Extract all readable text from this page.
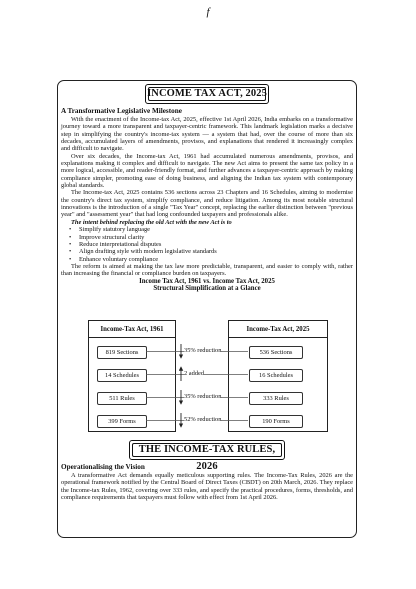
f
INCOME TAX ACT, 2025
A Transformative Legislative Milestone

With the enactment of the Income-tax Act, 2025, effective 1st April 2026, India embarks on a transformative journey toward a more transparent and taxpayer-centric framework. This landmark legislation marks a decisive step in simplifying the country's income-tax system — a system that had, over the course of more than six decades, accumulated layers of amendments, provisos, and explanations that rendered it increasingly complex and difficult to navigate.

Over six decades, the Income-tax Act, 1961 had accumulated numerous amendments, provisos, and explanations making it complex and difficult to navigate. The new Act aims to present the same tax policy in a more logical, accessible, and reader-friendly format, and further advances a taxpayer-centric approach by making compliance simpler, promoting ease of doing business, and aligning the Indian tax system with contemporary global standards.

The Income-tax Act, 2025 contains 536 sections across 23 Chapters and 16 Schedules, aiming to modernise the country's direct tax system, simplify compliance, and reduce litigation. Among its most notable structural innovations is the introduction of a single "Tax Year" concept, replacing the earlier distinction between "previous year" and "assessment year" that had long confounded taxpayers and professionals alike.

The intent behind replacing the old Act with the new Act is to

• Simplify statutory language
• Improve structural clarity
• Reduce interpretational disputes
• Align drafting style with modern legislative standards
• Enhance voluntary compliance

The reform is aimed at making the tax law more predictable, transparent, and easier to comply with, rather than increasing the financial or compliance burden on taxpayers.

Income Tax Act, 1961 vs. Income Tax Act, 2025
Structural Simplification at a Glance
Income-Tax Act, 1961
819 Sections
14 Schedules
511 Rules
399 Forms
Income-Tax Act, 2025
536 Sections
16 Schedules
333 Rules
190 Forms
35% reduction
2 added
35% reduction
52% reduction
THE INCOME-TAX RULES, 2026
Operationalising the Vision

A transformative Act demands equally meticulous supporting rules. The Income-Tax Rules, 2026 are the operational framework notified by the Central Board of Direct Taxes (CBDT) on 20th March, 2026. They replace the Income-tax Rules, 1962, covering over 333 rules, and specify the practical procedures, forms, thresholds, and compliance requirements that taxpayers must follow with effect from 1st April 2026.
